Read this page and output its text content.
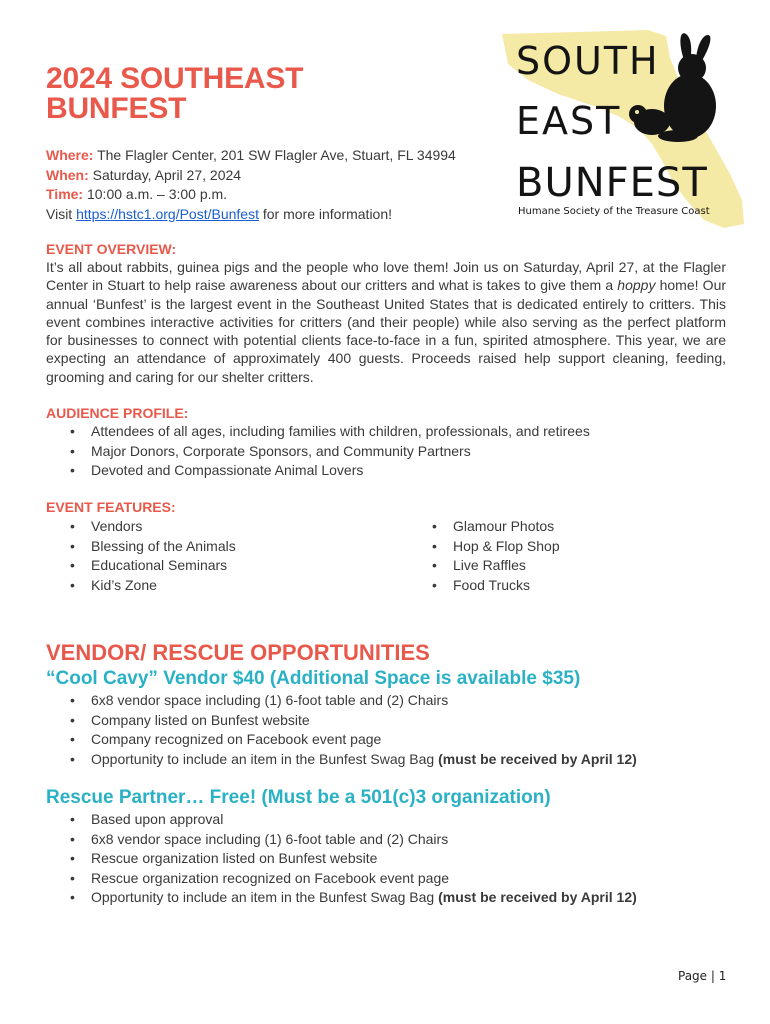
2024 SOUTHEAST
BUNFEST
Where: The Flagler Center, 201 SW Flagler Ave, Stuart, FL 34994
When: Saturday, April 27, 2024
Time: 10:00 a.m. – 3:00 p.m.
Visit https://hstc1.org/Post/Bunfest for more information!
SOUTH
EAST
BUNFEST
Humane Society of the Treasure Coast
EVENT OVERVIEW:
It’s all about rabbits, guinea pigs and the people who love them! Join us on Saturday, April 27, at the Flagler Center in Stuart to help raise awareness about our critters and what is takes to give them a hoppy home! Our annual ‘Bunfest’ is the largest event in the Southeast United States that is dedicated entirely to critters. This event combines interactive activities for critters (and their people) while also serving as the perfect platform for businesses to connect with potential clients face-to-face in a fun, spirited atmosphere. This year, we are expecting an attendance of approximately 400 guests. Proceeds raised help support cleaning, feeding, grooming and caring for our shelter critters.
AUDIENCE PROFILE:
• Attendees of all ages, including families with children, professionals, and retirees
• Major Donors, Corporate Sponsors, and Community Partners
• Devoted and Compassionate Animal Lovers
EVENT FEATURES:
• Vendors
• Blessing of the Animals
• Educational Seminars
• Kid’s Zone
• Glamour Photos
• Hop & Flop Shop
• Live Raffles
• Food Trucks
VENDOR/ RESCUE OPPORTUNITIES
“Cool Cavy” Vendor $40 (Additional Space is available $35)
• 6x8 vendor space including (1) 6-foot table and (2) Chairs
• Company listed on Bunfest website
• Company recognized on Facebook event page
• Opportunity to include an item in the Bunfest Swag Bag (must be received by April 12)
Rescue Partner… Free! (Must be a 501(c)3 organization)
• Based upon approval
• 6x8 vendor space including (1) 6-foot table and (2) Chairs
• Rescue organization listed on Bunfest website
• Rescue organization recognized on Facebook event page
• Opportunity to include an item in the Bunfest Swag Bag (must be received by April 12)
Page | 1
